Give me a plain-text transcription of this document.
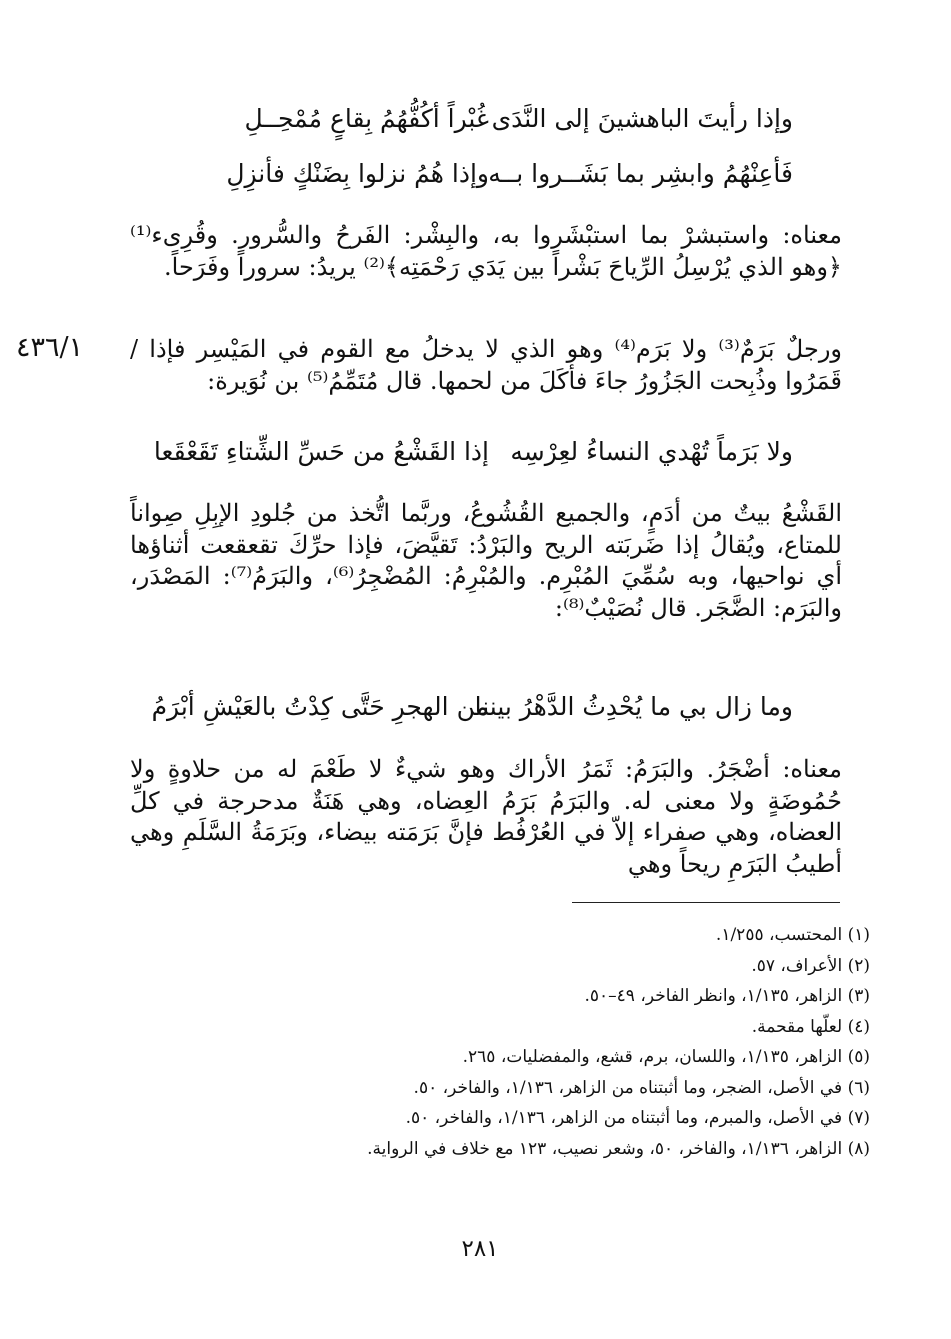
وإذا رأيتَ الباهشينَ إلى النَّدَى
غُبْراً أكُفُّهُمُ بِقاعٍ مُمْحِــلِ
فَأعِنْهُمُ وابشِر بما بَشَــروا بــه
وإذا هُمُ نزلوا بِضَنْكٍ فأنزِلِ

معناه: واستبشرْ بما استبْشَروا به، والبِشْر: الفَرحُ والسُّرور. وقُرِىء⁽¹⁾ ﴿وهو الذي يُرْسِلُ الرِّياحَ بَشْراً بين يَدَي رَحْمَتِه﴾⁽²⁾ يريدُ: سروراً وفَرَحاً.

٤٣٦/١ ورجلٌ بَرَمٌ⁽³⁾ ولا بَرَم⁽⁴⁾ وهو الذي لا يدخلُ مع القوم في المَيْسِر فإذا / قَمَرُوا وذُبِحت الجَزُورُ جاءَ فأكَلَ من لحمها. قال مُتَمِّمُ⁽⁵⁾ بن نُوَيرة:

ولا بَرَماً تُهْدي النساءُ لعِرْسِه
إذا القَشْعُ من حَسِّ الشِّتاءِ تَقَعْقَعا

القَشْعُ بيتٌ من أدَمٍ، والجميع القُشُوعُ، وربَّما اتُّخذ من جُلودِ الإبِلِ صِواناً للمتاع، ويُقالُ إذا ضَربَته الريح والبَرْدُ: تَقيَّضَ، فإذا حرِّكَ تقعقعت أثناؤها أي نواحيها، وبه سُمِّيَ المُبْرِم. والمُبْرِمُ: المُضْجِرُ⁽⁶⁾، والبَرَمُ⁽⁷⁾: المَصْدَر، والبَرَم: الضَّجَر. قال نُصَيْبٌ⁽⁸⁾:

وما زال بي ما يُحْدِثُ الدَّهْرُ بيننا
من الهجرِ حَتَّى كِدْتُ بالعَيْشِ أبْرَمُ

معناه: أضْجَرُ. والبَرَمُ: ثَمَرُ الأراك وهو شيءٌ لا طَعْمَ له من حلاوةٍ ولا حُمُوضَةٍ ولا معنى له. والبَرَمُ بَرَمُ العِضاه، وهي هَنَةٌ مدحرجة في كلِّ العضاه، وهي صفراء إلاّ في العُرْفُط فإنَّ بَرَمَته بيضاء، وبَرَمَةُ السَّلَمِ وهي أطيبُ البَرَمِ ريحاً وهي

(١) المحتسب، ١/٢٥٥.
(٢) الأعراف، ٥٧.
(٣) الزاهر، ١/١٣٥، وانظر الفاخر، ٤٩–٥٠.
(٤) لعلّها مقحمة.
(٥) الزاهر، ١/١٣٥، واللسان، برم، قشع، والمفضليات، ٢٦٥.
(٦) في الأصل، الضجر، وما أثبتناه من الزاهر، ١/١٣٦، والفاخر، ٥٠.
(٧) في الأصل، والمبرم، وما أثبتناه من الزاهر، ١/١٣٦، والفاخر، ٥٠.
(٨) الزاهر، ١/١٣٦، والفاخر، ٥٠، وشعر نصيب، ١٢٣ مع خلاف في الرواية.
٢٨١
